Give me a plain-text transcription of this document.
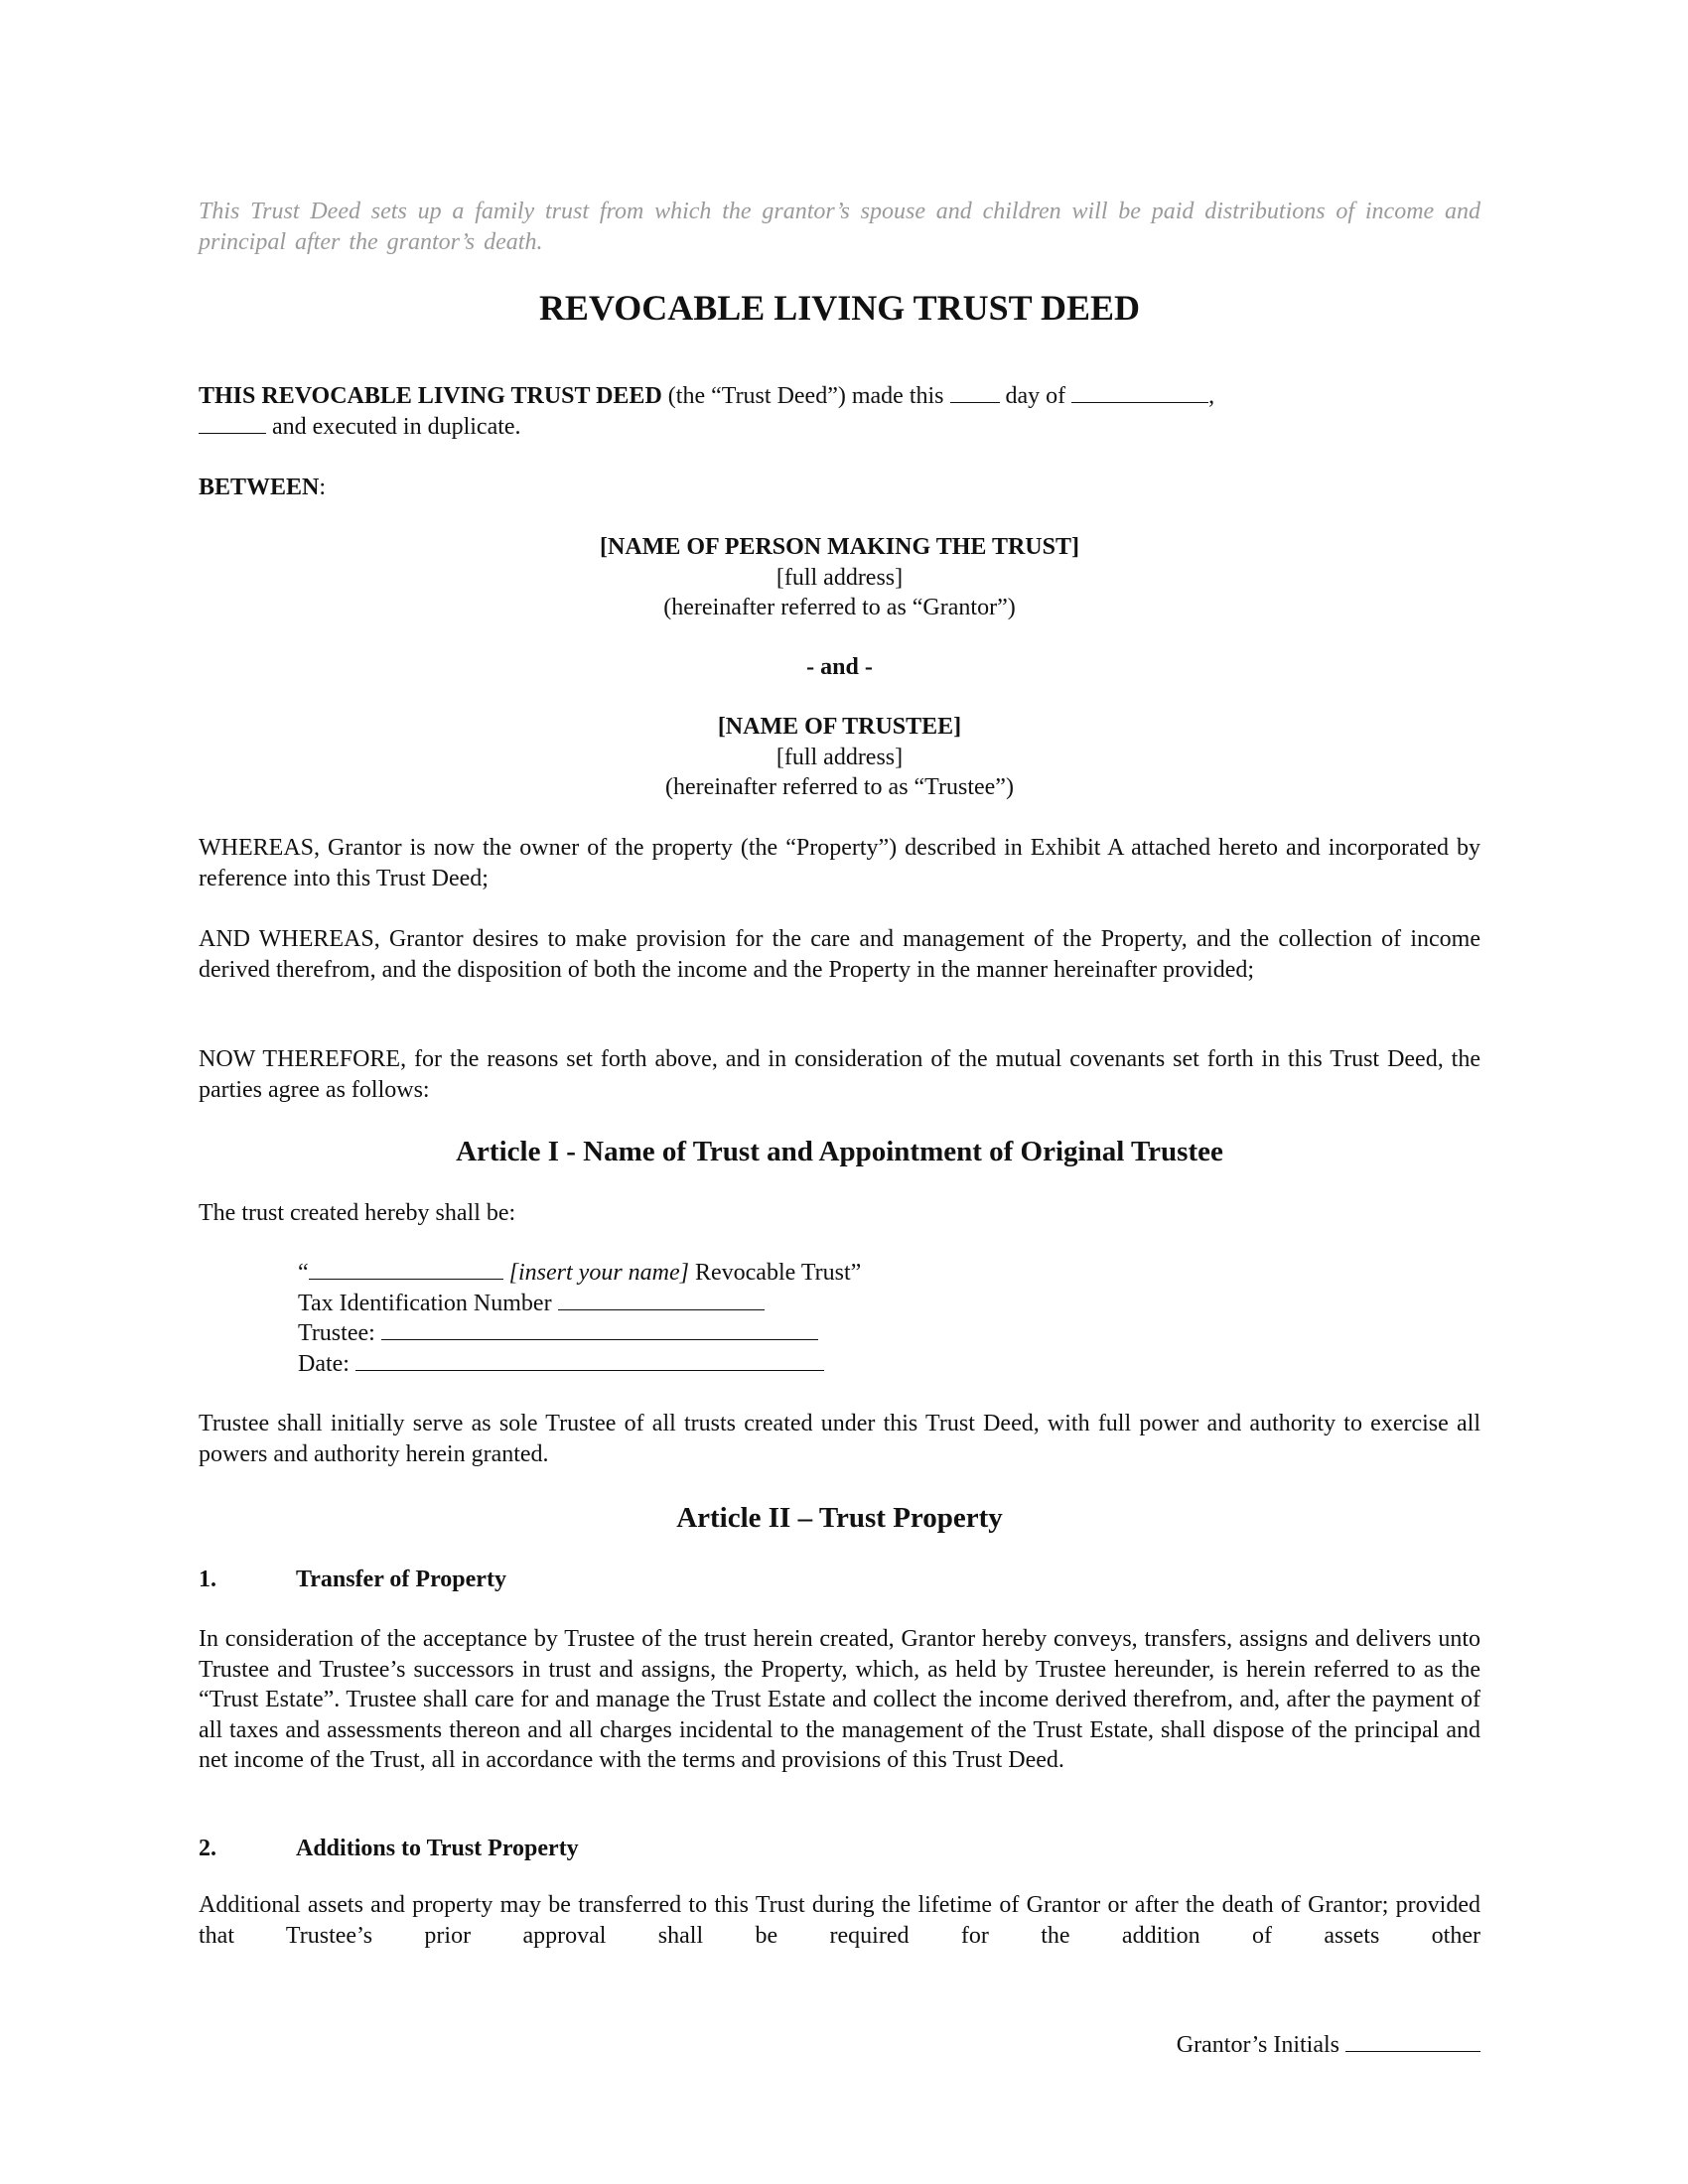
This Trust Deed sets up a family trust from which the grantor’s spouse and children will be paid distributions of income and principal after the grantor’s death.
REVOCABLE LIVING TRUST DEED
THIS REVOCABLE LIVING TRUST DEED (the “Trust Deed”) made this  day of	,
and executed in duplicate.
BETWEEN:
[NAME OF PERSON MAKING THE TRUST]
[full address]
(hereinafter referred to as “Grantor”)
- and -
[NAME OF TRUSTEE]
[full address]
(hereinafter referred to as “Trustee”)
WHEREAS, Grantor is now the owner of the property (the “Property”) described in Exhibit A attached hereto and incorporated by reference into this Trust Deed;
AND WHEREAS, Grantor desires to make provision for the care and management of the Property, and the collection of income derived therefrom, and the disposition of both the income and the Property in the manner hereinafter provided;
NOW THEREFORE, for the reasons set forth above, and in consideration of the mutual covenants set forth in this Trust Deed, the parties agree as follows:
Article I - Name of Trust and Appointment of Original Trustee
The trust created hereby shall be:
“	[insert your name] Revocable Trust”
Tax Identification Number
Trustee:
Date:
Trustee shall initially serve as sole Trustee of all trusts created under this Trust Deed, with full power and authority to exercise all powers and authority herein granted.
Article II – Trust Property
1.	Transfer of Property
In consideration of the acceptance by Trustee of the trust herein created, Grantor hereby conveys, transfers, assigns and delivers unto Trustee and Trustee’s successors in trust and assigns, the Property, which, as held by Trustee hereunder, is herein referred to as the “Trust Estate”. Trustee shall care for and manage the Trust Estate and collect the income derived therefrom, and, after the payment of all taxes and assessments thereon and all charges incidental to the management of the Trust Estate, shall dispose of the principal and net income of the Trust, all in accordance with the terms and provisions of this Trust Deed.
2.	Additions to Trust Property
Additional assets and property may be transferred to this Trust during the lifetime of Grantor or after the death of Grantor; provided that Trustee’s prior approval shall be required for the addition of assets other
Grantor’s Initials
